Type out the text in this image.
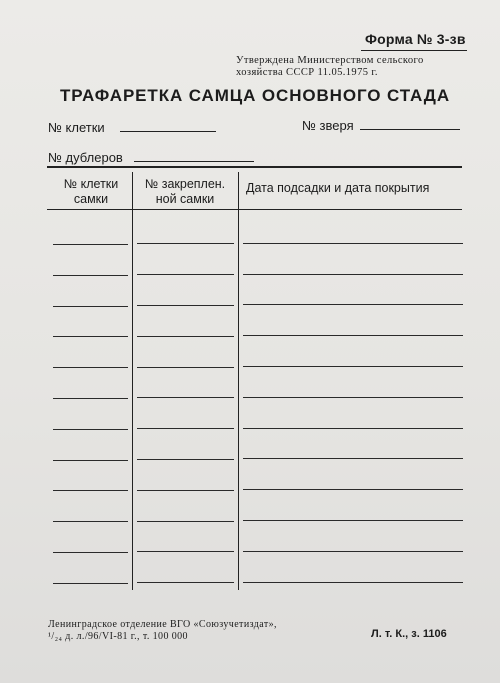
Форма № 3-зв
Утверждена Министерством сельского
хозяйства СССР 11.05.1975 г.
ТРАФАРЕТКА САМЦА ОСНОВНОГО СТАДА
№ клетки	№ зверя
№ дублеров
№ клетки
самки
№ закреплен.
ной самки
Дата подсадки и дата покрытия
Ленинградское отделение ВГО «Союзучетиздат»,
¹/₂₄ д. л./96/VI-81 г., т. 100 000	Л. т. К., з. 1106
